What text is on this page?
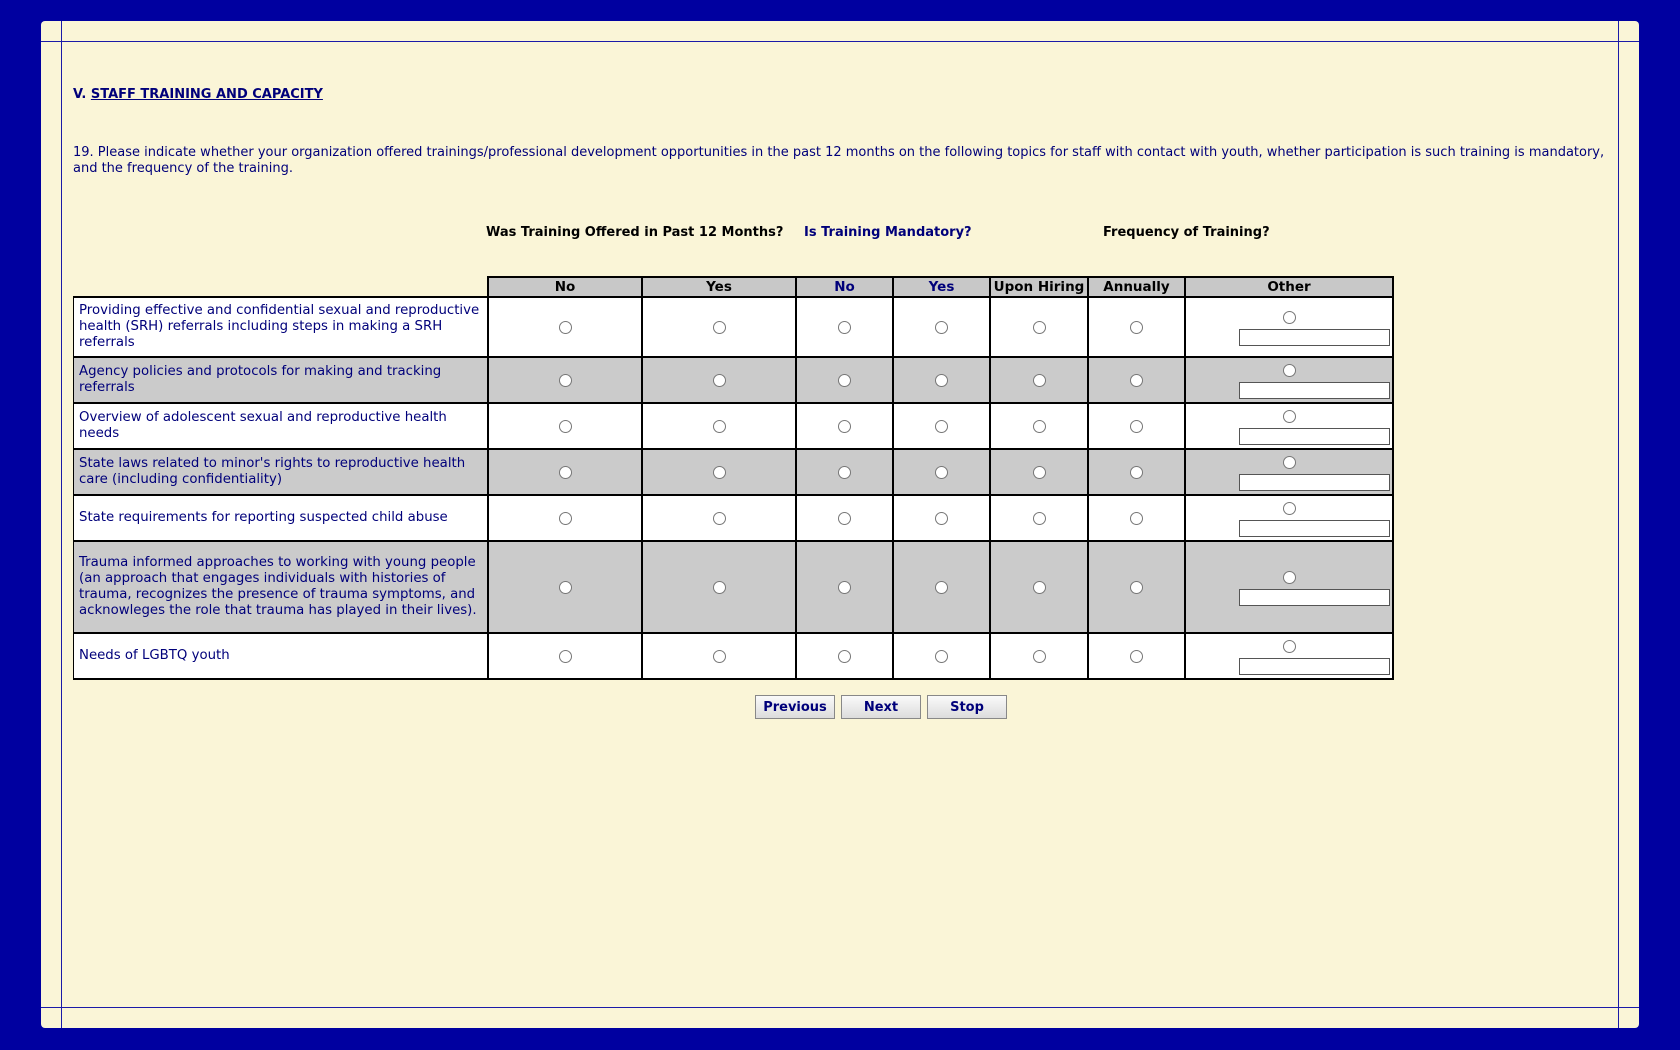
V. STAFF TRAINING AND CAPACITY
19. Please indicate whether your organization offered trainings/professional development opportunities in the past 12 months on the following topics for staff with contact with youth, whether participation is such training is mandatory, and the frequency of the training.
Was Training Offered in Past 12 Months? Is Training Mandatory?	Frequency of Training?
	No	Yes	No	Yes	Upon Hiring	Annually	Other
Providing effective and confidential sexual and reproductive health (SRH) referrals including steps in making a SRH referrals							

Agency policies and protocols for making and tracking referrals							

Overview of adolescent sexual and reproductive health needs							

State laws related to minor's rights to reproductive health care (including confidentiality)							

State requirements for reporting suspected child abuse							

Trauma informed approaches to working with young people (an approach that engages individuals with histories of trauma, recognizes the presence of trauma symptoms, and acknowleges the role that trauma has played in their lives).							

Needs of LGBTQ youth							
Previous	Next	Stop
